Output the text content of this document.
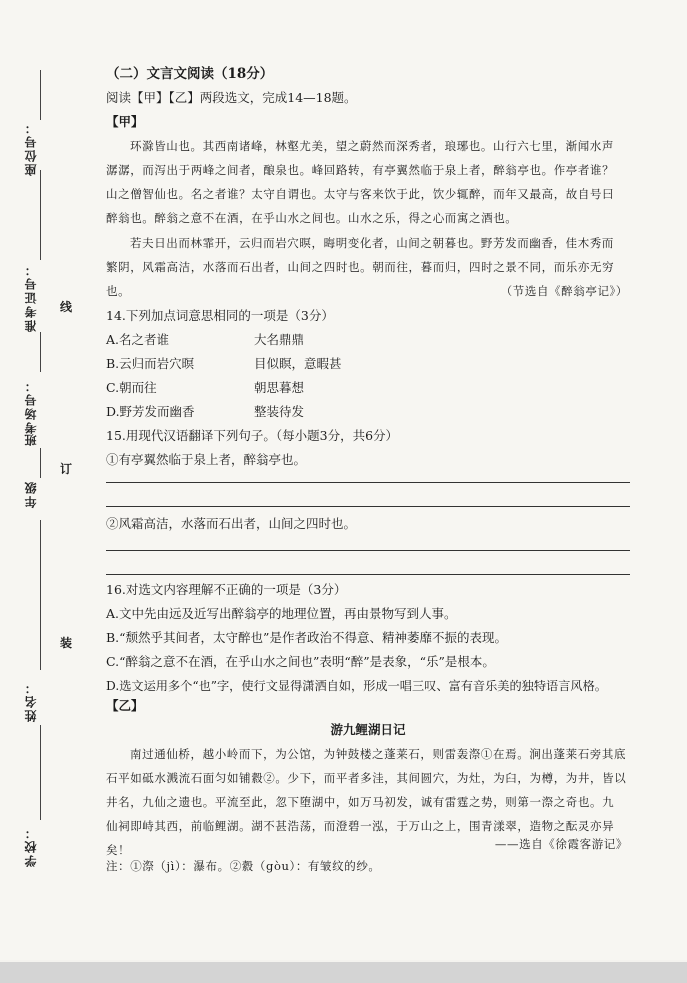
座位号：
准考证号：
考场号：
班
年级
姓名：
学校：
线
订
装
（二）文言文阅读（18分）
阅读【甲】【乙】两段选文，完成14—18题。
【甲】
环滁皆山也。其西南诸峰，林壑尤美，望之蔚然而深秀者，琅琊也。山行六七里，渐闻水声
潺潺，而泻出于两峰之间者，酿泉也。峰回路转，有亭翼然临于泉上者，醉翁亭也。作亭者谁？
山之僧智仙也。名之者谁？太守自谓也。太守与客来饮于此，饮少辄醉，而年又最高，故自号曰
醉翁也。醉翁之意不在酒，在乎山水之间也。山水之乐，得之心而寓之酒也。
若夫日出而林霏开，云归而岩穴暝，晦明变化者，山间之朝暮也。野芳发而幽香，佳木秀而
繁阴，风霜高洁，水落而石出者，山间之四时也。朝而往，暮而归，四时之景不同，而乐亦无穷
也。	（节选自《醉翁亭记》）
14.下列加点词意思相同的一项是（3分）
A.名之者谁	大名鼎鼎
B.云归而岩穴暝	目似瞑，意暇甚
C.朝而往	朝思暮想
D.野芳发而幽香	整装待发
15.用现代汉语翻译下列句子。（每小题3分，共6分）
①有亭翼然临于泉上者，醉翁亭也。
②风霜高洁，水落而石出者，山间之四时也。
16.对选文内容理解不正确的一项是（3分）
A.文中先由远及近写出醉翁亭的地理位置，再由景物写到人事。
B.“颓然乎其间者，太守醉也”是作者政治不得意、精神萎靡不振的表现。
C.“醉翁之意不在酒，在乎山水之间也”表明“醉”是表象，“乐”是根本。
D.选文运用多个“也”字，使行文显得潇洒自如，形成一唱三叹、富有音乐美的独特语言风格。
【乙】
游九鲤湖日记
南过通仙桥，越小岭而下，为公馆，为钟鼓楼之蓬莱石，则雷轰漈①在焉。涧出蓬莱石旁其底
石平如砥水溅流石面匀如铺縠②。少下，而平者多洼，其间圆穴，为灶，为臼，为樽，为井，皆以
井名，九仙之遗也。平流至此，忽下堕湖中，如万马初发，诚有雷霆之势，则第一漈之奇也。九
仙祠即峙其西，前临鲤湖。湖不甚浩荡，而澄碧一泓，于万山之上，围青漾翠，造物之酝灵亦异
矣！	——选自《徐霞客游记》
注：①漈（jì）：瀑布。②縠（gòu）：有皱纹的纱。
